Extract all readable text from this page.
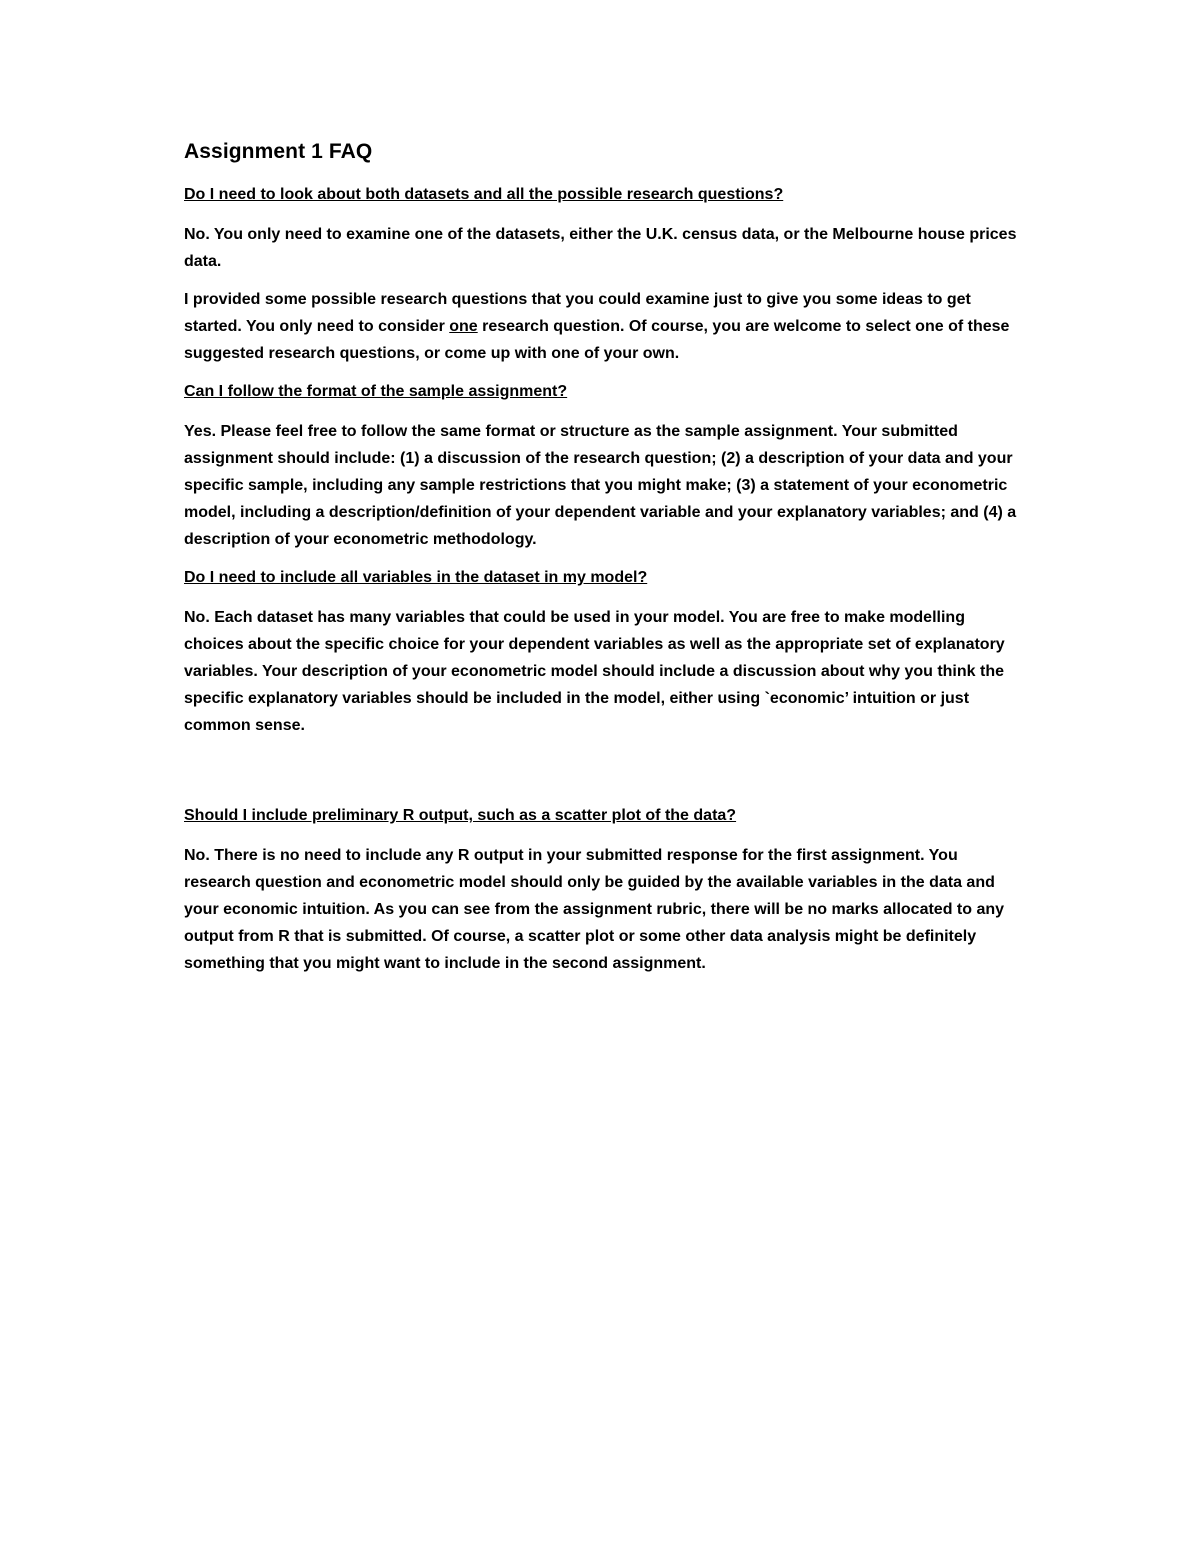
Assignment 1 FAQ

Do I need to look about both datasets and all the possible research questions?

No. You only need to examine one of the datasets, either the U.K. census data, or the Melbourne house prices data.

I provided some possible research questions that you could examine just to give you some ideas to get started. You only need to consider one research question. Of course, you are welcome to select one of these suggested research questions, or come up with one of your own.

Can I follow the format of the sample assignment?

Yes. Please feel free to follow the same format or structure as the sample assignment. Your submitted assignment should include: (1) a discussion of the research question; (2) a description of your data and your specific sample, including any sample restrictions that you might make; (3) a statement of your econometric model, including a description/definition of your dependent variable and your explanatory variables; and (4) a description of your econometric methodology.

Do I need to include all variables in the dataset in my model?

No. Each dataset has many variables that could be used in your model. You are free to make modelling choices about the specific choice for your dependent variables as well as the appropriate set of explanatory variables. Your description of your econometric model should include a discussion about why you think the specific explanatory variables should be included in the model, either using `economic’ intuition or just common sense.

Should I include preliminary R output, such as a scatter plot of the data?

No. There is no need to include any R output in your submitted response for the first assignment. You research question and econometric model should only be guided by the available variables in the data and your economic intuition. As you can see from the assignment rubric, there will be no marks allocated to any output from R that is submitted. Of course, a scatter plot or some other data analysis might be definitely something that you might want to include in the second assignment.
